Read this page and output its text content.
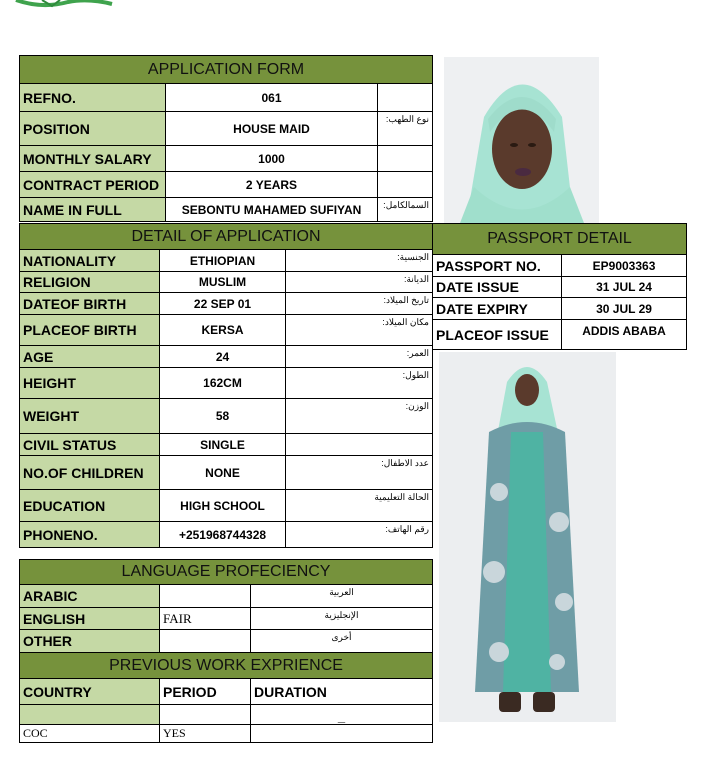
APPLICATION FORM		
REFNO.	061	
POSITION	HOUSE MAID	:نوع الطهب
MONTHLY SALARY	1000	
CONTRACT PERIOD	2 YEARS	
NAME IN FULL	SEBONTU MAHAMED SUFIYAN	:السمالكامل
DETAIL OF APPLICATION		
NATIONALITY	ETHIOPIAN	:الجنسية
RELIGION	MUSLIM	:الديانة
DATEOF BIRTH	22 SEP 01	:تاريخ الميلاد
PLACEOF BIRTH	KERSA	:مكان الميلاد
AGE	24	:العمر
HEIGHT	162CM	:الطول
WEIGHT	58	:الوزن
CIVIL STATUS	SINGLE	
NO.OF CHILDREN	NONE	:عدد الاطفال
EDUCATION	HIGH SCHOOL	الحالة التعليمية
PHONENO.	+251968744328	:رقم الهاتف
PASSPORT DETAIL	
PASSPORT NO.	EP9003363
DATE ISSUE	31 JUL 24
DATE EXPIRY	30 JUL 29
PLACEOF ISSUE	ADDIS ABABA
LANGUAGE PROFECIENCY		
ARABIC		العربية
ENGLISH	FAIR	الإنجليزية
OTHER		أخرى
PREVIOUS WORK EXPRIENCE		
COUNTRY	PERIOD	DURATION
		_
COC	YES	
